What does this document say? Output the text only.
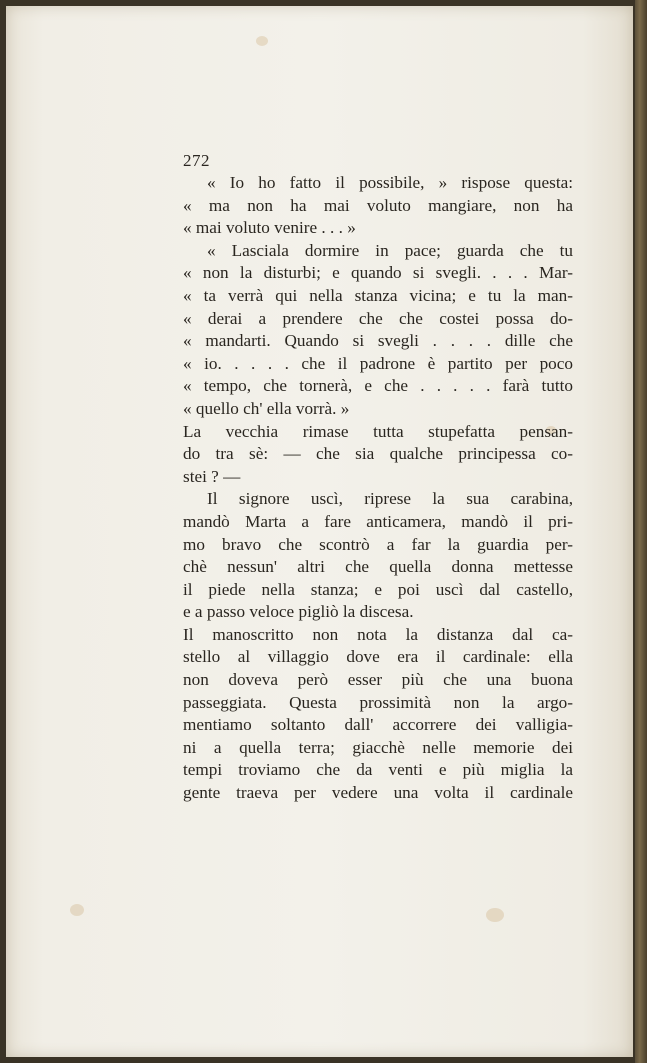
272
« Io ho fatto il possibile, » rispose questa:
« ma non ha mai voluto mangiare, non ha
« mai voluto venire . . . »
« Lasciala dormire in pace; guarda che tu
« non la disturbi; e quando si svegli. . . . Mar-
« ta verrà qui nella stanza vicina; e tu la man-
« derai a prendere che che costei possa do-
« mandarti. Quando si svegli . . . . dille che
« io. . . . . che il padrone è partito per poco
« tempo, che tornerà, e che . . . . . farà tutto
« quello ch' ella vorrà. »
La vecchia rimase tutta stupefatta pensan-
do tra sè: — che sia qualche principessa co-
stei ? —
Il signore uscì, riprese la sua carabina,
mandò Marta a fare anticamera, mandò il pri-
mo bravo che scontrò a far la guardia per-
chè nessun' altri che quella donna mettesse
il piede nella stanza; e poi uscì dal castello,
e a passo veloce pigliò la discesa.
Il manoscritto non nota la distanza dal ca-
stello al villaggio dove era il cardinale: ella
non doveva però esser più che una buona
passeggiata. Questa prossimità non la argo-
mentiamo soltanto dall' accorrere dei valligia-
ni a quella terra; giacchè nelle memorie dei
tempi troviamo che da venti e più miglia la
gente traeva per vedere una volta il cardinale
